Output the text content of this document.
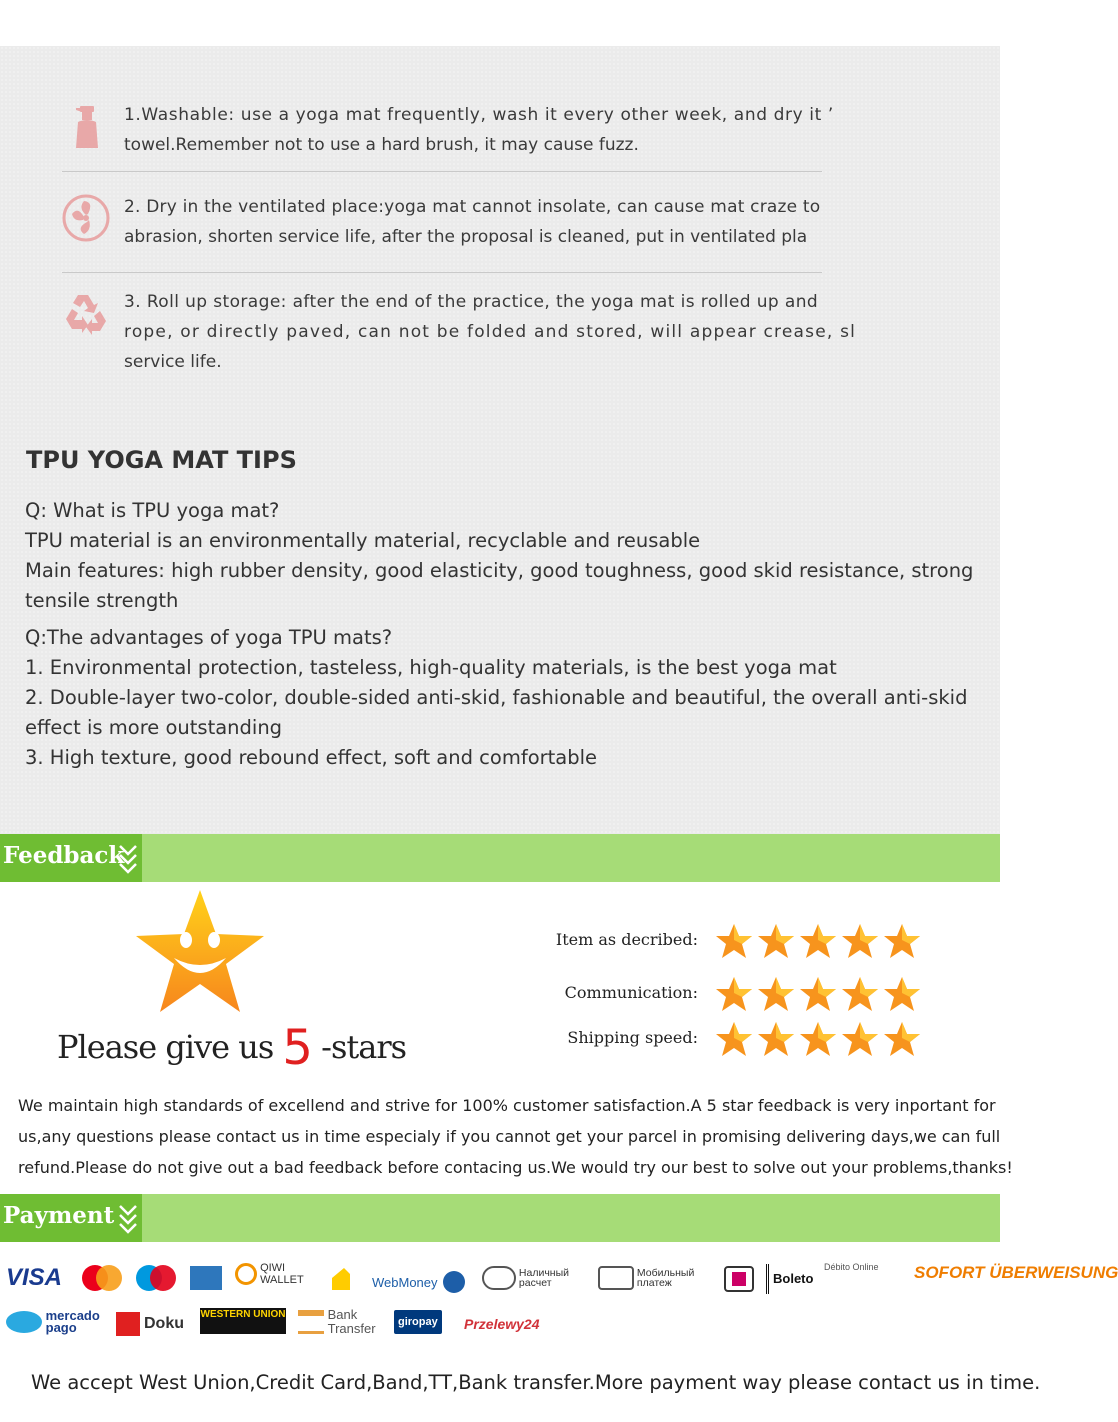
1.Washable: use a yoga mat frequently, wash it every other week, and dry it ’
towel.Remember not to use a hard brush, it may cause fuzz.
2. Dry in the ventilated place:yoga mat cannot insolate, can cause mat craze to
abrasion, shorten service life, after the proposal is cleaned, put in ventilated pla
3. Roll up storage: after the end of the practice, the yoga mat is rolled up and
rope, or directly paved, can not be folded and stored, will appear crease, sl
service life.
TPU YOGA MAT TIPS

Q: What is TPU yoga mat?

TPU material is an environmentally material, recyclable and reusable

Main features: high rubber density, good elasticity, good toughness, good skid resistance, strong tensile strength

Q:The advantages of yoga TPU mats?

1. Environmental protection, tasteless, high-quality materials, is the best yoga mat

2. Double-layer two-color, double-sided anti-skid, fashionable and beautiful, the overall anti-skid effect is more outstanding

3. High texture, good rebound effect, soft and comfortable

Feedback
Please give us 5 -stars
We maintain high standards of excellend and strive for 100% customer satisfaction.A 5 star feedback is very inportant for
us,any questions please contact us in time especialy if you cannot get your parcel in promising delivering days,we can full
refund.Please do not give out a bad feedback before contacing us.We would try our best to solve out your problems,thanks!
Item as decribed:
Communication:
Shipping speed:
Payment
VISA	QIWI WALLET	WebMoney
Наличный расчет
Мобильный платеж	Boleto
Débito Online SOFORT ÜBERWEISUNG
mercado pago	Doku
WESTERN UNION	Bank Transfer	giropay Przelewy24
We accept West Union,Credit Card,Band,TT,Bank transfer.More payment way please contact us in time.
